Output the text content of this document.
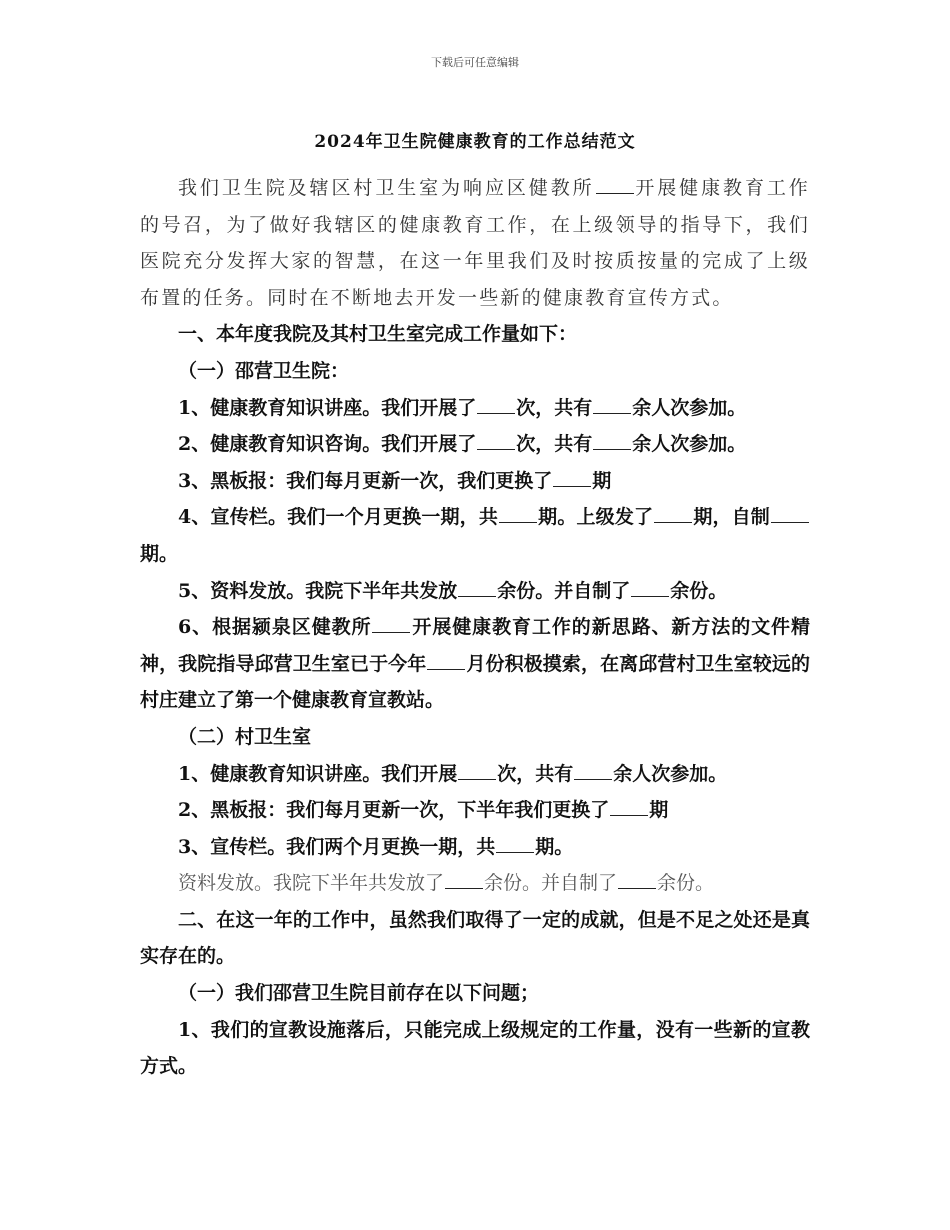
下载后可任意编辑
2024年卫生院健康教育的工作总结范文

我们卫生院及辖区村卫生室为响应区健教所 开展健康教育工作的号召，为了做好我辖区的健康教育工作，在上级领导的指导下，我们医院充分发挥大家的智慧，在这一年里我们及时按质按量的完成了上级布置的任务。同时在不断地去开发一些新的健康教育宣传方式。

一、本年度我院及其村卫生室完成工作量如下：

（一）邵营卫生院：

1、健康教育知识讲座。我们开展了 次，共有 余人次参加。

2、健康教育知识咨询。我们开展了 次，共有 余人次参加。

3、黑板报：我们每月更新一次，我们更换了 期

4、宣传栏。我们一个月更换一期，共 期。上级发了 期，自制期。

5、资料发放。我院下半年共发放 余份。并自制了 余份。

6、根据颍泉区健教所 开展健康教育工作的新思路、新方法的文件精神，我院指导邱营卫生室已于今年 月份积极摸索，在离邱营村卫生室较远的村庄建立了第一个健康教育宣教站。

（二）村卫生室

1、健康教育知识讲座。我们开展 次，共有 余人次参加。

2、黑板报：我们每月更新一次，下半年我们更换了 期

3、宣传栏。我们两个月更换一期，共 期。

资料发放。我院下半年共发放了 余份。并自制了 余份。

二、在这一年的工作中，虽然我们取得了一定的成就，但是不足之处还是真实存在的。

（一）我们邵营卫生院目前存在以下问题；

1、我们的宣教设施落后，只能完成上级规定的工作量，没有一些新的宣教方式。
